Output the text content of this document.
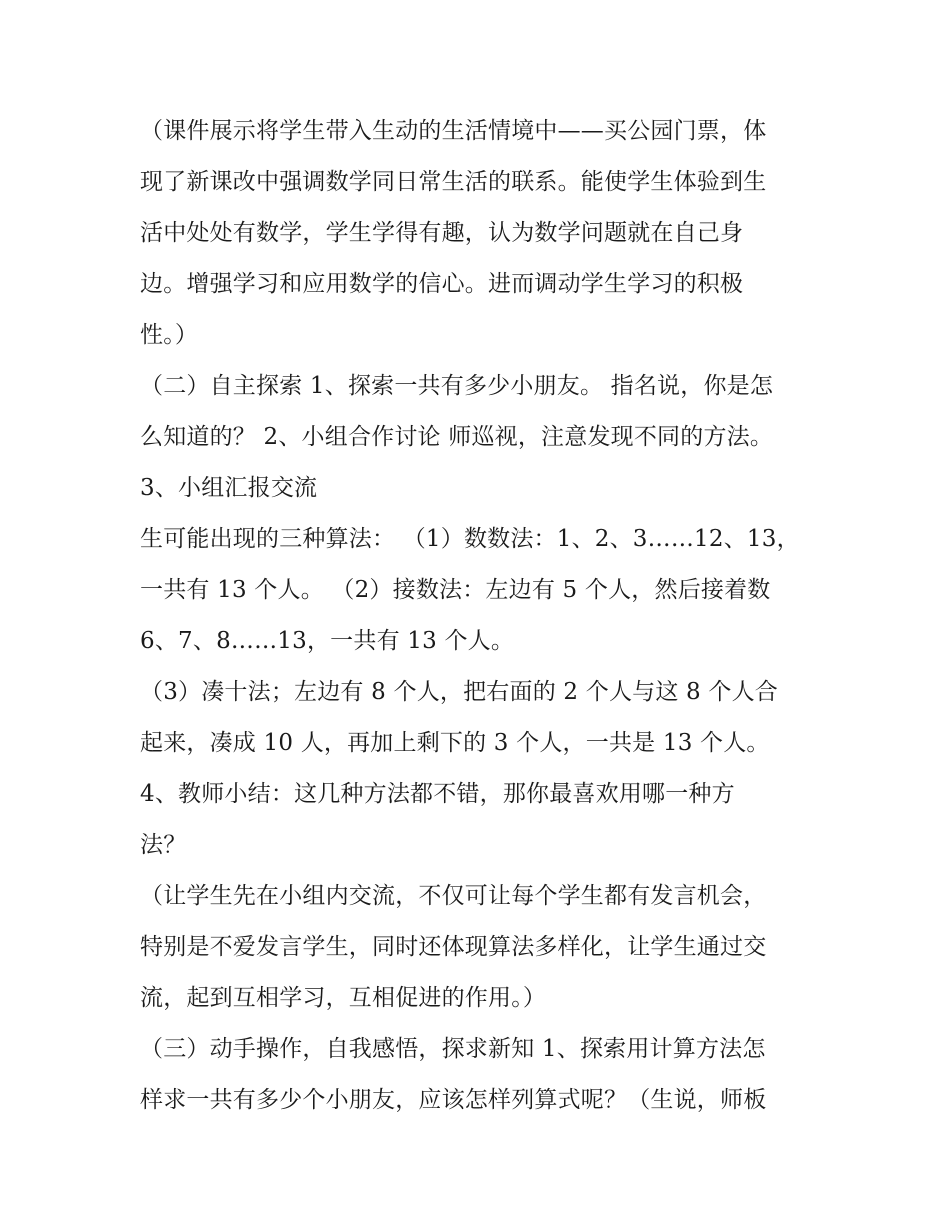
（课件展示将学生带入生动的生活情境中——买公园门票，体
现了新课改中强调数学同日常生活的联系。能使学生体验到生
活中处处有数学，学生学得有趣，认为数学问题就在自己身
边。增强学习和应用数学的信心。进而调动学生学习的积极
性。）
（二）自主探索 1、探索一共有多少小朋友。 指名说，你是怎
么知道的？ 2、小组合作讨论 师巡视，注意发现不同的方法。
3、小组汇报交流
生可能出现的三种算法： （1）数数法：1、2、3……12、13，
一共有 13 个人。 （2）接数法：左边有 5 个人，然后接着数
6、7、8……13，一共有 13 个人。
（3）凑十法；左边有 8 个人，把右面的 2 个人与这 8 个人合
起来，凑成 10 人，再加上剩下的 3 个人，一共是 13 个人。
4、教师小结：这几种方法都不错，那你最喜欢用哪一种方
法？
（让学生先在小组内交流，不仅可让每个学生都有发言机会，
特别是不爱发言学生，同时还体现算法多样化，让学生通过交
流，起到互相学习，互相促进的作用。）
（三）动手操作，自我感悟，探求新知 1、探索用计算方法怎
样求一共有多少个小朋友，应该怎样列算式呢？（生说，师板
